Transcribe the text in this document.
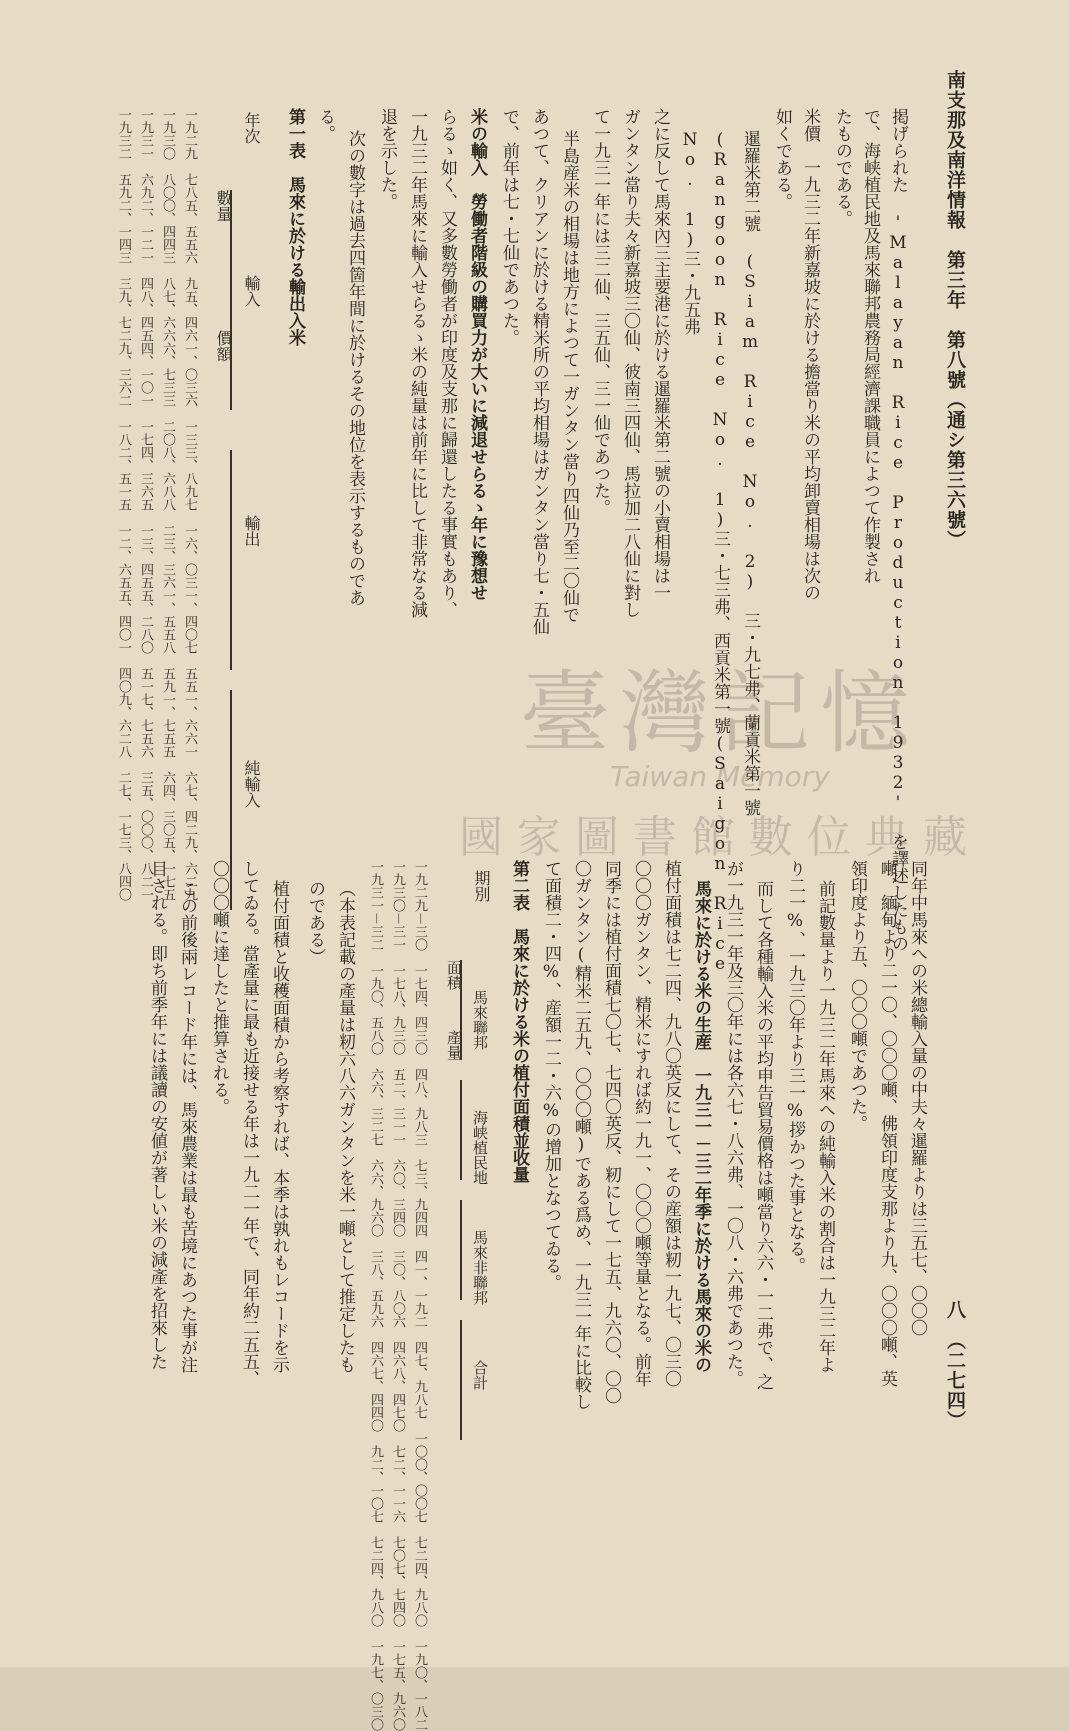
南支那及南洋情報　第三年　第八號（通シ第三六號）
八　（二七四）
掲げられた 'Malayan Rice Production 1932' を譯述したもの
で、海峡植民地及馬來聯邦農務局經濟課職員によつて作製され
たものである。
米價　一九三二年新嘉坡に於ける擔當り米の平均卸賣相場は次の
如くである。
暹羅米第二號 (Siam Rice No. 2) 三・九七弗、蘭貢米第一號
(Rangoon Rice No. 1)三・七三弗、西貢米第一號(Saigon Rice
No. 1)三・九五弗
之に反して馬來內三主要港に於ける暹羅米第二號の小賣相場は一
ガンタン當り夫々新嘉坡三〇仙、彼南三四仙、馬拉加二八仙に對し
て一九三一年には三二仙、三五仙、三一仙であつた。
半島産米の相場は地方によつて一ガンタン當り四仙乃至二〇仙で
あつて、クリアンに於ける精米所の平均相場はガンタン當り七・五仙
で、前年は七・七仙であつた。
米の輸入　勞働者階級の購買力が大いに減退せらるゝ年に豫想せ
らるゝ如く、又多數勞働者が印度及支那に歸還したる事實もあり、
一九三二年馬來に輸入せらるゝ米の純量は前年に比して非常なる減
退を示した。
次の數字は過去四箇年間に於けるその地位を表示するものであ
る。
第一表　馬來に於ける輸出入米
年次
輸入
輸出
純輸入
數量
價額
一九二九　七八五、五五六　九五、四六一、〇三六　一三三、八九七　一六、〇三一、四〇七　五五一、六六一　六七、四二九、六二九
一九三〇　八〇〇、四四三　八七、六六六、七三三　二〇八、六八八　二三、三六一、五五八　五九一、七五五　六四、三〇五、一七五
一九三一　六九二、一二一　四八、四五四、一〇一　一七四、三六五　一三、四五五、二八〇　五一七、七五六　三五、〇〇〇、八二一
一九三二　五九二、一四三　三九、七二九、三六二　一八二、五一五　一二、六五五、四〇一　四〇九、六二八　二七、一七三、八四〇
同年中馬來への米總輸入量の中夫々暹羅よりは三五七、〇〇〇
噸、緬甸より二一〇、〇〇〇噸、佛領印度支那より九、〇〇〇噸、英
領印度より五、〇〇〇噸であつた。
前記數量より一九三二年馬來への純輸入米の割合は一九三二年よ
り二一%、一九三〇年より三一%拶かつた事となる。
而して各種輸入米の平均申告貿易價格は噸當り六六・一二弗で、之
が一九三一年及三〇年には各六七・八六弗、一〇八・六弗であつた。
馬來に於ける米の生産　一九三一－三二年季に於ける馬來の米の
植付面積は七二四、九八〇英反にして、その産額は籾一九七、〇三〇
〇〇〇ガンタン、精米にすれば約一九一、〇〇〇噸等量となる。前年
同季には植付面積七〇七、七四〇英反、籾にして一七五、九六〇、〇〇
〇ガンタン(精米二五九、〇〇〇噸)である爲め、一九三一年に比較し
て面積二・四%、産額一二・六%の增加となつてゐる。
第二表　馬來に於ける米の植付面積並收量
期別
馬來聯邦
海峡植民地
馬來非聯邦
合計
面積
產量
一九二九－三〇　一七四、四三〇　四八、九八三　七三、九四四　四一、一九二　四七、九八七　一〇〇、〇〇七　七二四、九八〇　一九〇、一八二
一九三〇－三一　一七八、九三〇　五二、三一一　六〇、三四〇　三〇、八〇六　四六八、四七〇　七二、一一六　七〇七、七四〇　一七五、九六〇
一九三一－三二　一九〇、五八〇　六六、三二七　六六、九六〇　三八、五九六　四六七、四四〇　九二、一〇七　七二四、九八〇　一九七、〇三〇
（本表記載の產量は籾六八六ガンタンを米一噸として推定したも
のである）
植付面積と收穫面積から考察すれば、本季は孰れもレコードを示
してゐる。當產量に最も近接せる年は一九二一年で、同年約二五五、
〇〇〇噸に達したと推算される。
この前後兩レコード年には、馬來農業は最も苦境にあつた事が注
目される。即ち前季年には議讀の安値が著しい米の減產を招來した
臺灣記憶
Taiwan Memory
國家圖書館數位典藏
